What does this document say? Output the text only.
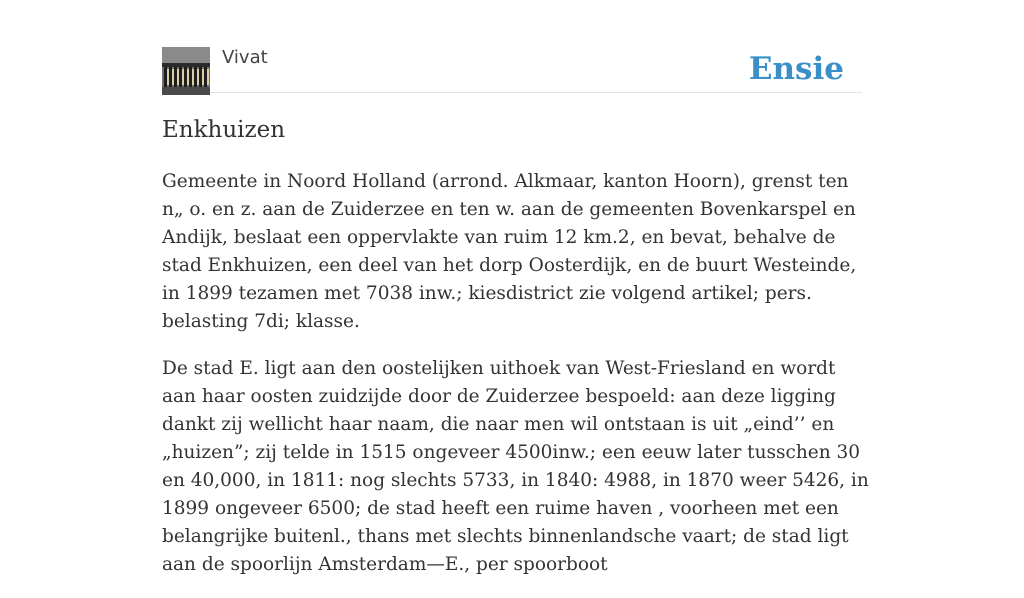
Vivat	Ensie
Enkhuizen

Gemeente in Noord Holland (arrond. Alkmaar, kanton Hoorn), grenst ten n„ o. en z. aan de Zuiderzee en ten w. aan de gemeenten Bovenkarspel en Andijk, beslaat een oppervlakte van ruim 12 km.2, en bevat, behalve de stad Enkhuizen, een deel van het dorp Oosterdijk, en de buurt Westeinde, in 1899 tezamen met 7038 inw.; kiesdistrict zie volgend artikel; pers. belasting 7di; klasse.

De stad E. ligt aan den oostelijken uithoek van West-Friesland en wordt aan haar oosten zuidzijde door de Zuiderzee bespoeld: aan deze ligging dankt zij wellicht haar naam, die naar men wil ontstaan is uit „eind’’ en „huizen”; zij telde in 1515 ongeveer 4500inw.; een eeuw later tusschen 30 en 40,000, in 1811: nog slechts 5733, in 1840: 4988, in 1870 weer 5426, in 1899 ongeveer 6500; de stad heeft een ruime haven , voorheen met een belangrijke buitenl., thans met slechts binnenlandsche vaart; de stad ligt aan de spoorlijn Amsterdam—E., per spoorboot
